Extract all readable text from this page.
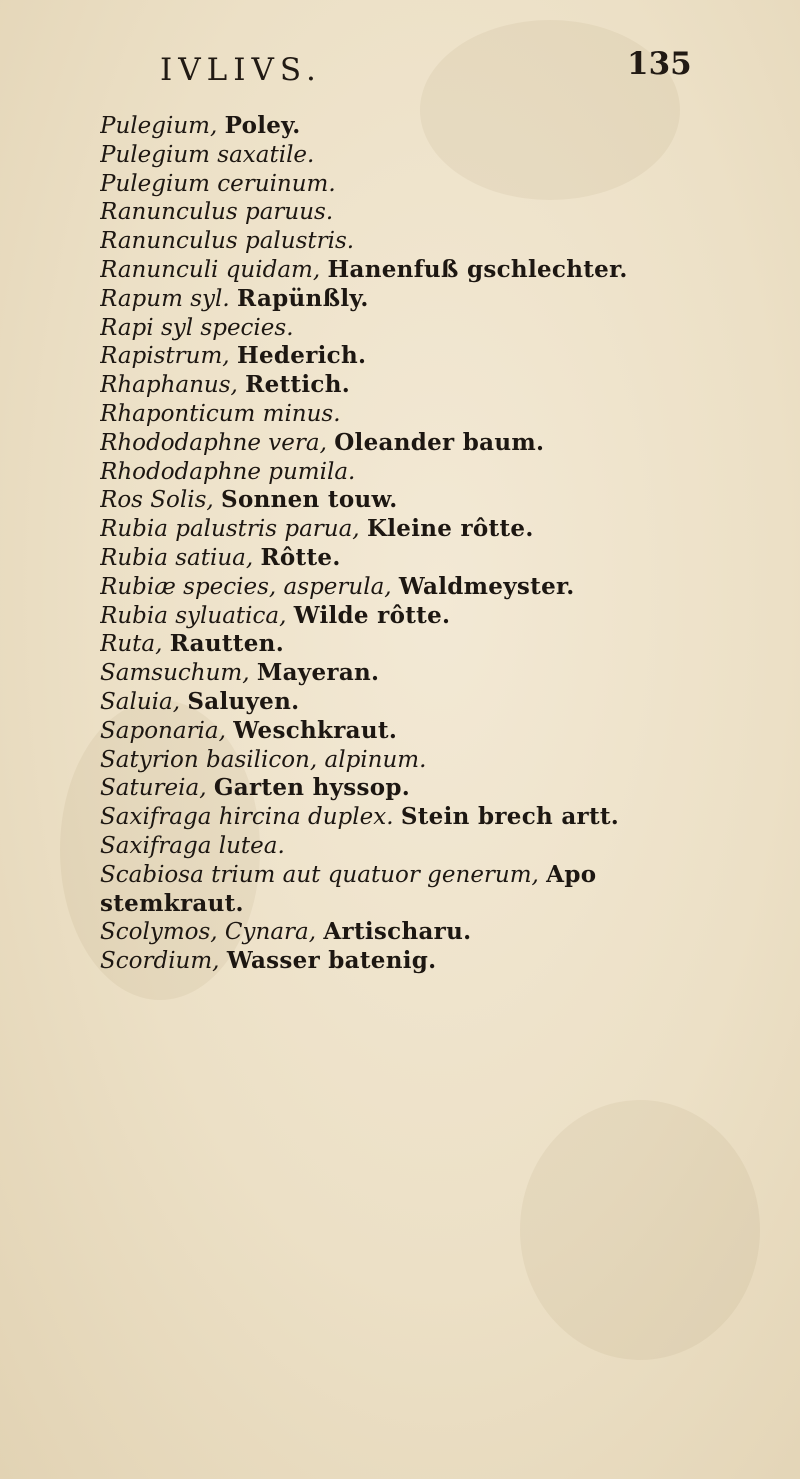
IVLIVS.	135
Pulegium, Poley.
Pulegium saxatile.
Pulegium ceruinum.
Ranunculus paruus.
Ranunculus palustris.
Ranunculi quidam, Hanenfuß gschlechter.
Rapum syl. Rapünßly.
Rapi syl species.
Rapistrum, Hederich.
Rhaphanus, Rettich.
Rhaponticum minus.
Rhododaphne vera, Oleander baum.
Rhododaphne pumila.
Ros Solis, Sonnen touw.
Rubia palustris parua, Kleine rôtte.
Rubia satiua, Rôtte.
Rubiæ species, asperula, Waldmeyster.
Rubia syluatica, Wilde rôtte.
Ruta, Rautten.
Samsuchum, Mayeran.
Saluia, Saluyen.
Saponaria, Weschkraut.
Satyrion basilicon, alpinum.
Satureia, Garten hyssop.
Saxifraga hircina duplex. Stein brech artt.
Saxifraga lutea.
Scabiosa trium aut quatuor generum, Apo
stemkraut.
Scolymos, Cynara, Artischaru.
Scordium, Wasser batenig.
